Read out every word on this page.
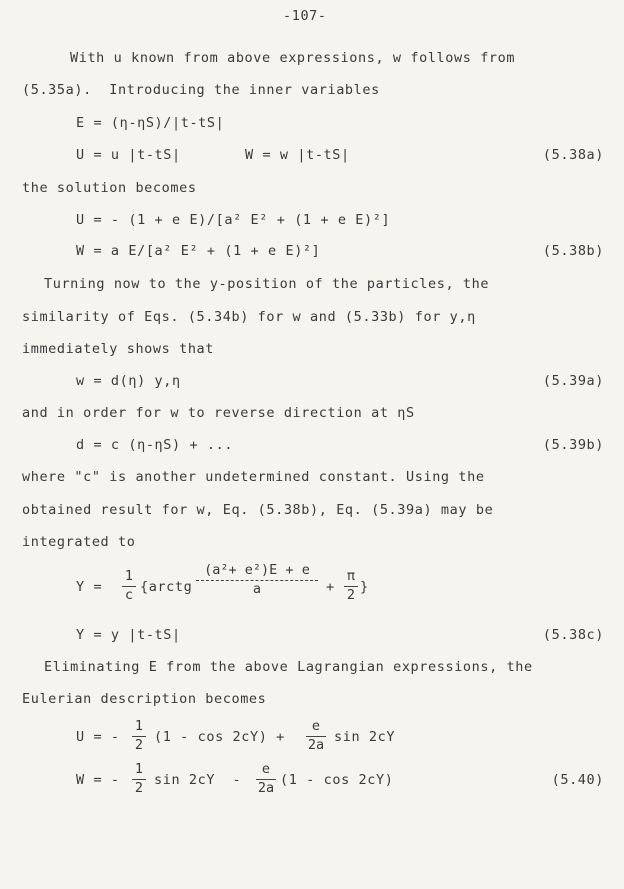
-107-
With u known from above expressions, w follows from
(5.35a).  Introducing the inner variables
E = (η-ηS)/|t-tS|
U = u |t-tS|	W = w |t-tS|	(5.38a)
the solution becomes
U = - (1 + e E)/[a² E² + (1 + e E)²]
W = a E/[a² E² + (1 + e E)²]	(5.38b)
Turning now to the y-position of the particles, the
similarity of Eqs. (5.34b) for w and (5.33b) for y,η
immediately shows that
w = d(η) y,η	(5.39a)
and in order for w to reverse direction at ηS
d = c (η-ηS) + ...	(5.39b)
where "c" is another undetermined constant. Using the
obtained result for w, Eq. (5.38b), Eq. (5.39a) may be
integrated to
Y =
1
c {arctg
(a²+ e²)E + e
a	+
π
2 }
Y = y |t-tS|	(5.38c)
Eliminating E from the above Lagrangian expressions, the
Eulerian description becomes
U = -
1
2 (1 - cos 2cY) +
e
2a sin 2cY
W = -
1
2 sin 2cY  -
e
2a (1 - cos 2cY)	(5.40)
